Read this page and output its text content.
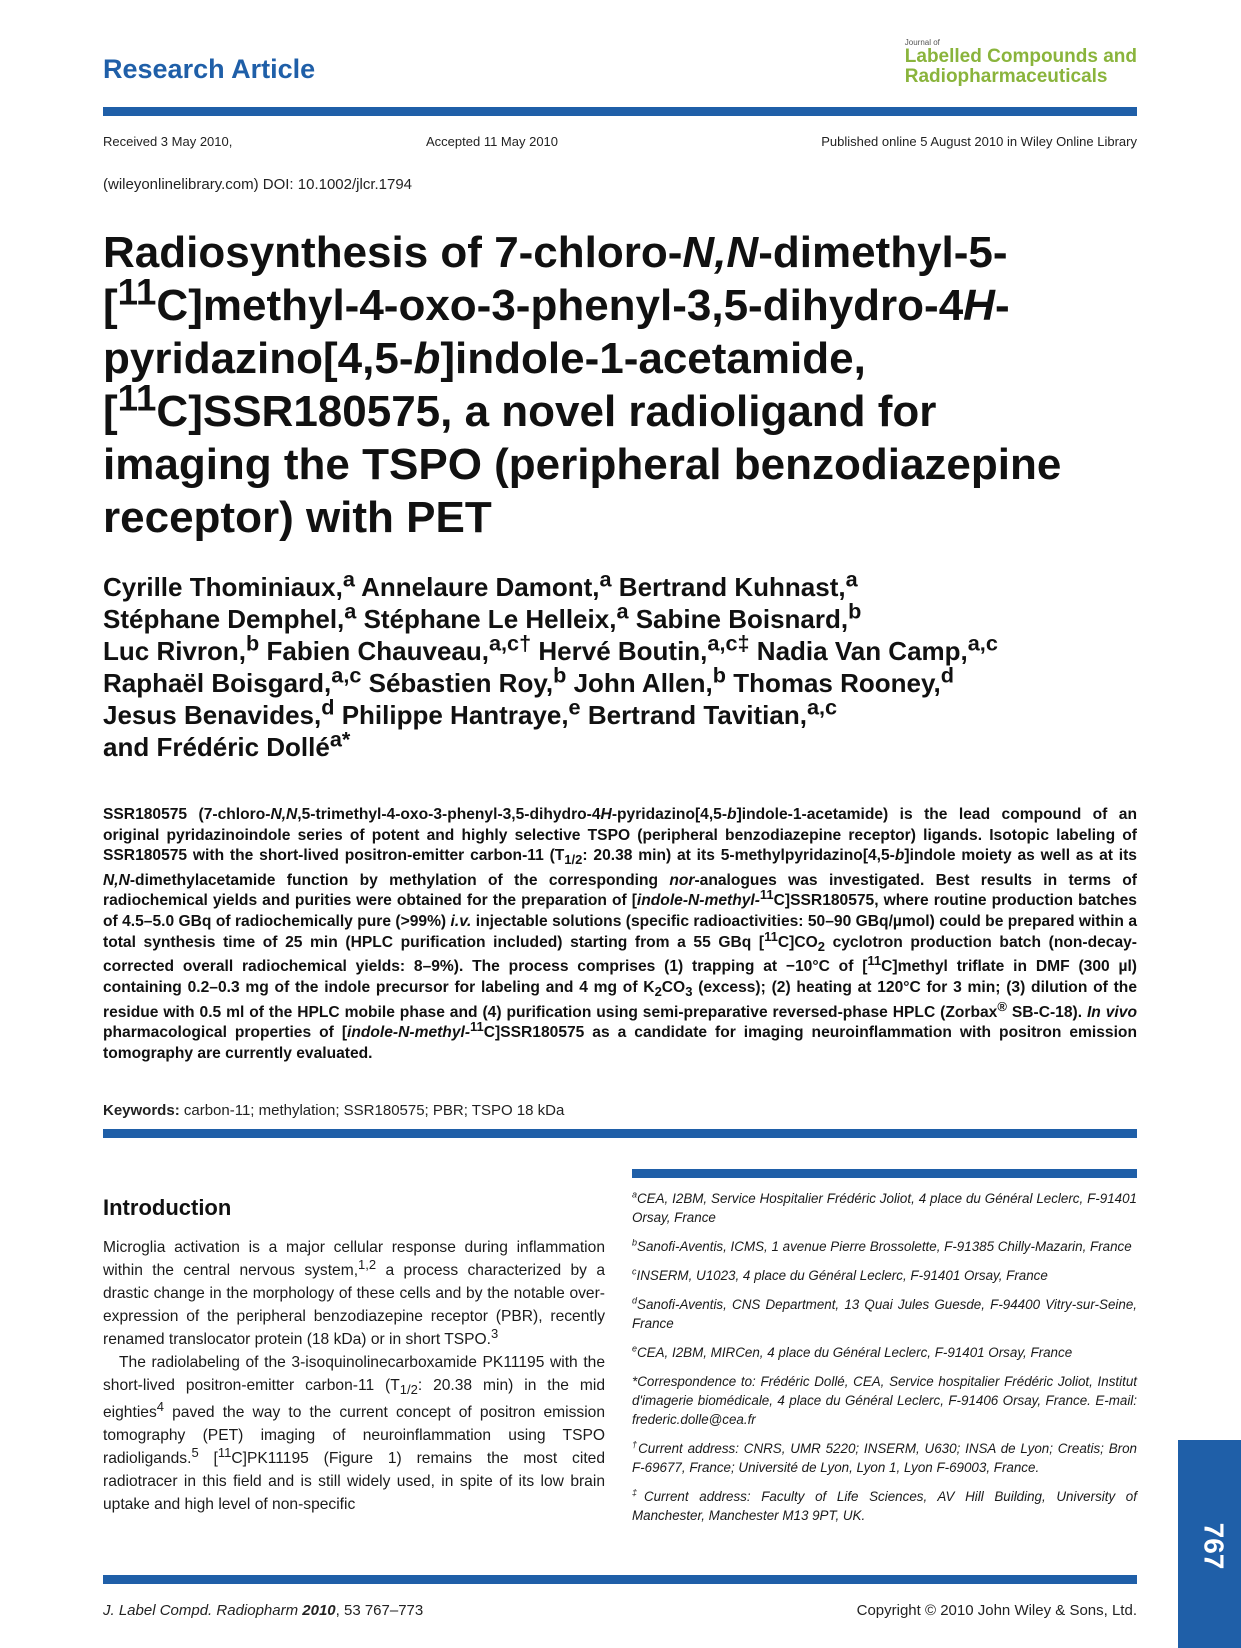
Research Article
Journal of
Labelled Compounds and
Radiopharmaceuticals
Received 3 May 2010,	Accepted 11 May 2010	Published online 5 August 2010 in Wiley Online Library
(wileyonlinelibrary.com) DOI: 10.1002/jlcr.1794
Radiosynthesis of 7-chloro-N,N-dimethyl-5-
[$^{11}$C]methyl-4-oxo-3-phenyl-3,5-dihydro-4H-
pyridazino[4,5-b]indole-1-acetamide,
[$^{11}$C]SSR180575, a novel radioligand for
imaging the TSPO (peripheral benzodiazepine
receptor) with PET
Cyrille Thominiaux,$^a$ Annelaure Damont,$^a$ Bertrand Kuhnast,$^a$
Stéphane Demphel,$^a$ Stéphane Le Helleix,$^a$ Sabine Boisnard,$^b$
Luc Rivron,$^b$ Fabien Chauveau,$^{a,c\dagger}$ Hervé Boutin,$^{a,c\ddagger}$ Nadia Van Camp,$^{a,c}$
Raphaël Boisgard,$^{a,c}$ Sébastien Roy,$^b$ John Allen,$^b$ Thomas Rooney,$^d$
Jesus Benavides,$^d$ Philippe Hantraye,$^e$ Bertrand Tavitian,$^{a,c}$
and Frédéric Dollé$^{a*}$
SSR180575 (7-chloro-N,N,5-trimethyl-4-oxo-3-phenyl-3,5-dihydro-4H-pyridazino[4,5-b]indole-1-acetamide) is the lead compound of an original pyridazinoindole series of potent and highly selective TSPO (peripheral benzodiazepine receptor) ligands. Isotopic labeling of SSR180575 with the short-lived positron-emitter carbon-11 ($T_{1/2}$: 20.38 min) at its 5-methylpyridazino[4,5-b]indole moiety as well as at its N,N-dimethylacetamide function by methylation of the corresponding nor-analogues was investigated. Best results in terms of radiochemical yields and purities were obtained for the preparation of [indole-N-methyl-$^{11}$C]SSR180575, where routine production batches of 4.5–5.0 GBq of radiochemically pure (>99%) i.v. injectable solutions (specific radioactivities: 50–90 GBq/µmol) could be prepared within a total synthesis time of 25 min (HPLC purification included) starting from a 55 GBq $[^{11}C]CO_2$ cyclotron production batch (non-decay-corrected overall radiochemical yields: 8–9%). The process comprises (1) trapping at −10°C of [$^{11}$C]methyl triflate in DMF (300 µl) containing 0.2–0.3 mg of the indole precursor for labeling and 4 mg of $K_2CO_3$ (excess); (2) heating at 120°C for 3 min; (3) dilution of the residue with 0.5 ml of the HPLC mobile phase and (4) purification using semi-preparative reversed-phase HPLC (Zorbax® SB-C-18). In vivo pharmacological properties of [indole-N-methyl-$^{11}$C]SSR180575 as a candidate for imaging neuroinflammation with positron emission tomography are currently evaluated.
Keywords: carbon-11; methylation; SSR180575; PBR; TSPO 18 kDa
Introduction

Microglia activation is a major cellular response during inflammation within the central nervous system,$^{1,2}$ a process characterized by a drastic change in the morphology of these cells and by the notable over-expression of the peripheral benzodiazepine receptor (PBR), recently renamed translocator protein (18 kDa) or in short TSPO.$^3$

The radiolabeling of the 3-isoquinolinecarboxamide PK11195 with the short-lived positron-emitter carbon-11 ($T_{1/2}$: 20.38 min) in the mid eighties$^4$ paved the way to the current concept of positron emission tomography (PET) imaging of neuroinflammation using TSPO radioligands.$^5$ [$^{11}$C]PK11195 (Figure 1) remains the most cited radiotracer in this field and is still widely used, in spite of its low brain uptake and high level of non-specific

$^a$CEA, I2BM, Service Hospitalier Frédéric Joliot, 4 place du Général Leclerc, F-91401 Orsay, France
$^b$Sanofi-Aventis, ICMS, 1 avenue Pierre Brossolette, F-91385 Chilly-Mazarin, France
$^c$INSERM, U1023, 4 place du Général Leclerc, F-91401 Orsay, France
$^d$Sanofi-Aventis, CNS Department, 13 Quai Jules Guesde, F-94400 Vitry-sur-Seine, France
$^e$CEA, I2BM, MIRCen, 4 place du Général Leclerc, F-91401 Orsay, France
*Correspondence to: Frédéric Dollé, CEA, Service hospitalier Frédéric Joliot, Institut d'imagerie biomédicale, 4 place du Général Leclerc, F-91406 Orsay, France. E-mail: frederic.dolle@cea.fr
†Current address: CNRS, UMR 5220; INSERM, U630; INSA de Lyon; Creatis; Bron F-69677, France; Université de Lyon, Lyon 1, Lyon F-69003, France.
‡Current address: Faculty of Life Sciences, AV Hill Building, University of Manchester, Manchester M13 9PT, UK.
J. Label Compd. Radiopharm 2010, 53 767–773	Copyright © 2010 John Wiley & Sons, Ltd.
767
